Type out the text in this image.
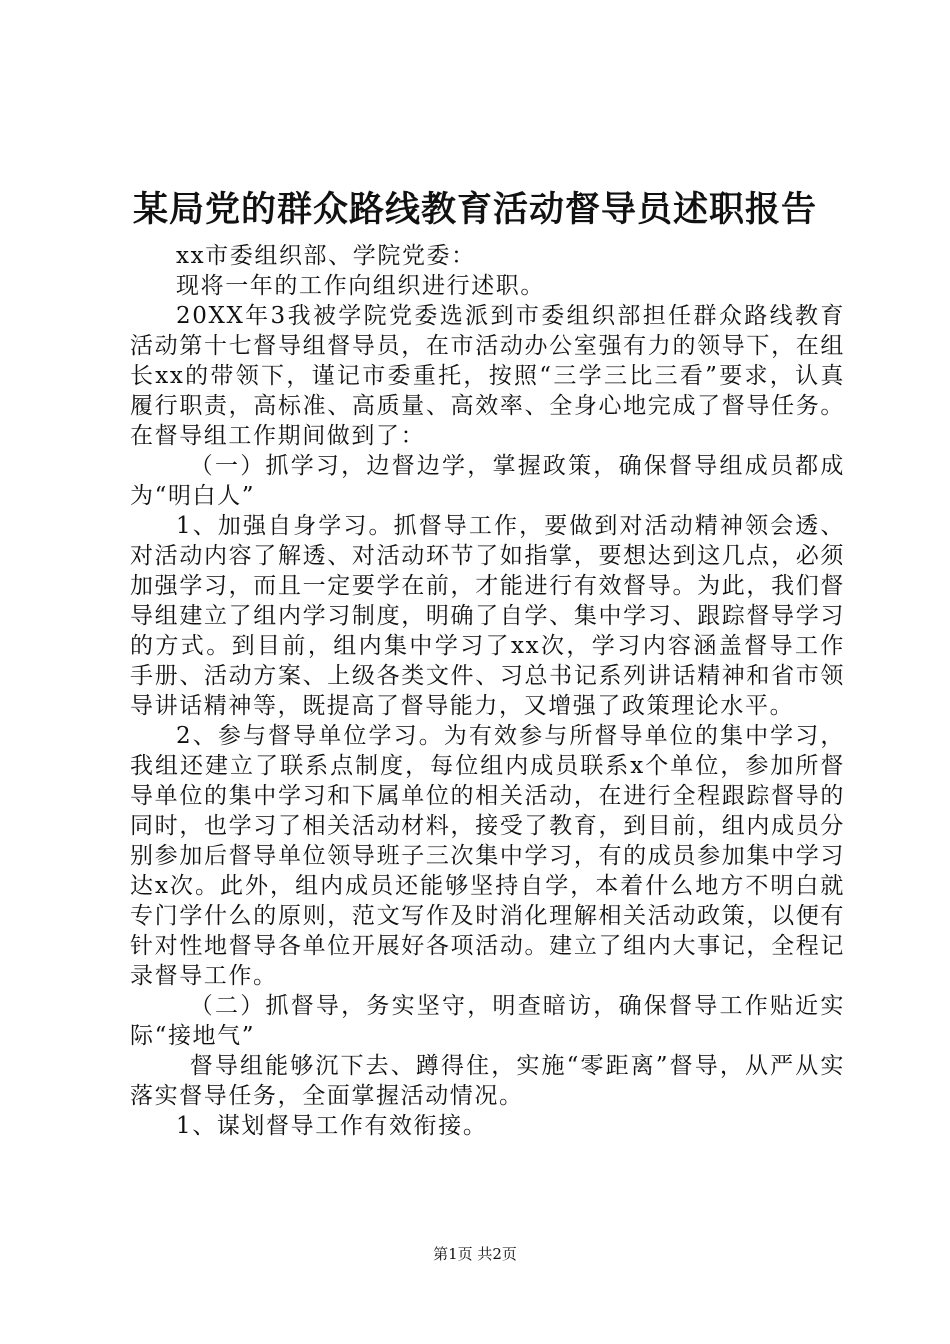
某局党的群众路线教育活动督导员述职报告

xx市委组织部、学院党委：

现将一年的工作向组织进行述职。

20XX年3我被学院党委选派到市委组织部担任群众路线教育活动第十七督导组督导员，在市活动办公室强有力的领导下，在组长xx的带领下，谨记市委重托，按照“三学三比三看”要求，认真履行职责，高标准、高质量、高效率、全身心地完成了督导任务。在督导组工作期间做到了：

（一）抓学习，边督边学，掌握政策，确保督导组成员都成为“明白人”

1、加强自身学习。抓督导工作，要做到对活动精神领会透、对活动内容了解透、对活动环节了如指掌，要想达到这几点，必须加强学习，而且一定要学在前，才能进行有效督导。为此，我们督导组建立了组内学习制度，明确了自学、集中学习、跟踪督导学习的方式。到目前，组内集中学习了xx次，学习内容涵盖督导工作手册、活动方案、上级各类文件、习总书记系列讲话精神和省市领导讲话精神等，既提高了督导能力，又增强了政策理论水平。

2、参与督导单位学习。为有效参与所督导单位的集中学习，我组还建立了联系点制度，每位组内成员联系x个单位，参加所督导单位的集中学习和下属单位的相关活动，在进行全程跟踪督导的同时，也学习了相关活动材料，接受了教育，到目前，组内成员分别参加后督导单位领导班子三次集中学习，有的成员参加集中学习达x次。此外，组内成员还能够坚持自学，本着什么地方不明白就专门学什么的原则，范文写作及时消化理解相关活动政策，以便有针对性地督导各单位开展好各项活动。建立了组内大事记，全程记录督导工作。

（二）抓督导，务实坚守，明查暗访，确保督导工作贴近实际“接地气”

督导组能够沉下去、蹲得住，实施“零距离”督导，从严从实落实督导任务，全面掌握活动情况。

1、谋划督导工作有效衔接。

第1页 共2页
